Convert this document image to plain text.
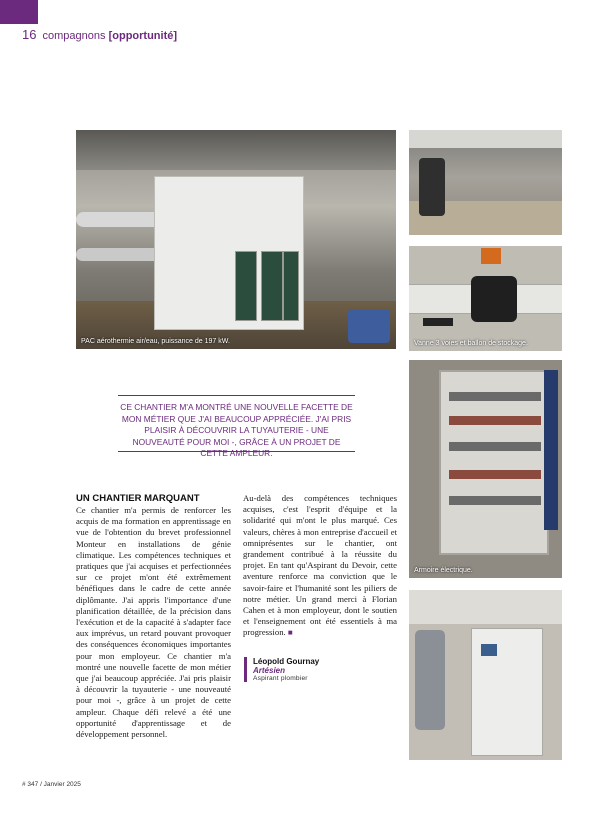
16 compagnons [opportunité]
PAC aérothermie air/eau, puissance de 197 kW.	Vanne 3 voies et ballon de stockage.
Armoire électrique.

CE CHANTIER M'A MONTRÉ UNE NOUVELLE FACETTE DE MON MÉTIER QUE J'AI BEAUCOUP APPRÉCIÉE. J'AI PRIS PLAISIR À DÉCOUVRIR LA TUYAUTERIE - UNE NOUVEAUTÉ POUR MOI -, GRÂCE À UN PROJET DE CETTE AMPLEUR.

UN CHANTIER MARQUANT
Ce chantier m'a permis de renforcer les acquis de ma formation en apprentissage en vue de l'obtention du brevet professionnel Monteur en installations de génie climatique. Les compétences techniques et pratiques que j'ai acquises et perfectionnées sur ce projet m'ont été extrêmement bénéfiques dans le cadre de cette année diplômante. J'ai appris l'importance d'une planification détaillée, de la précision dans l'exécution et de la capacité à s'adapter face aux imprévus, un retard pouvant provoquer des conséquences économiques importantes pour mon employeur. Ce chantier m'a montré une nouvelle facette de mon métier que j'ai beaucoup appréciée. J'ai pris plaisir à découvrir la tuyauterie - une nouveauté pour moi -, grâce à un projet de cette ampleur. Chaque défi relevé a été une opportunité d'apprentissage et de développement personnel.
Au-delà des compétences techniques acquises, c'est l'esprit d'équipe et la solidarité qui m'ont le plus marqué. Ces valeurs, chères à mon entreprise d'accueil et omniprésentes sur le chantier, ont grandement contribué à la réussite du projet. En tant qu'Aspirant du Devoir, cette aventure renforce ma conviction que le savoir-faire et l'humanité sont les piliers de notre métier. Un grand merci à Florian Cahen et à mon employeur, dont le soutien et l'enseignement ont été essentiels à ma progression. ■
Léopold Gournay
Artésien
Aspirant plombier
# 347 / Janvier 2025
